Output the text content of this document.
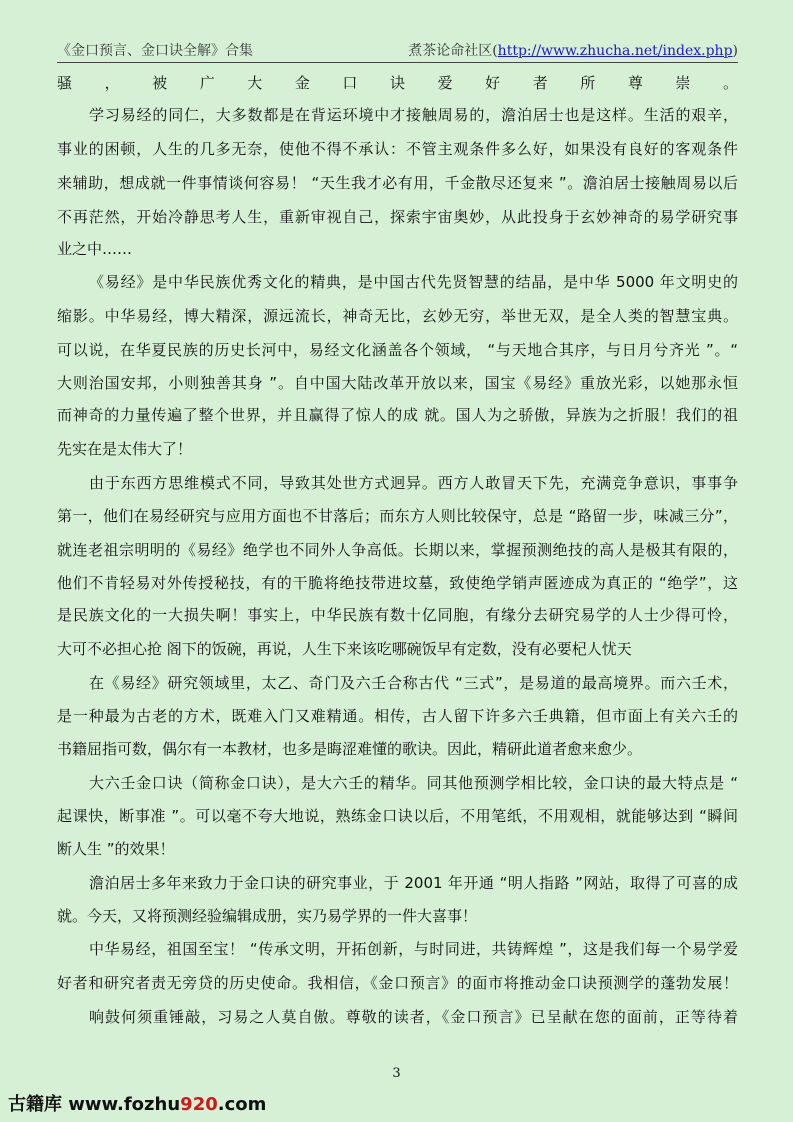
《金口预言、金口诀全解》合集	煮茶论命社区(http://www.zhucha.net/index.php)
骚，被广大金口诀爱好者所尊崇。
学习易经的同仁，大多数都是在背运环境中才接触周易的，澹泊居士也是这样。生活的艰辛，
事业的困顿，人生的几多无奈，使他不得不承认：不管主观条件多么好，如果没有良好的客观条件
来辅助，想成就一件事情谈何容易！ “天生我才必有用，千金散尽还复来 ”。澹泊居士接触周易以后
不再茫然，开始冷静思考人生，重新审视自己，探索宇宙奥妙，从此投身于玄妙神奇的易学研究事
业之中……
《易经》是中华民族优秀文化的精典，是中国古代先贤智慧的结晶，是中华 5000 年文明史的
缩影。中华易经，博大精深，源远流长，神奇无比，玄妙无穷，举世无双，是全人类的智慧宝典。
可以说，在华夏民族的历史长河中，易经文化涵盖各个领域， “与天地合其序，与日月兮齐光 ”。“
大则治国安邦，小则独善其身 ”。自中国大陆改革开放以来，国宝《易经》重放光彩，以她那永恒
而神奇的力量传遍了整个世界，并且赢得了惊人的成 就。国人为之骄傲，异族为之折服！我们的祖
先实在是太伟大了！
由于东西方思维模式不同，导致其处世方式迥异。西方人敢冒天下先，充满竞争意识，事事争
第一，他们在易经研究与应用方面也不甘落后；而东方人则比较保守，总是 “路留一步，味减三分”，
就连老祖宗明明的《易经》绝学也不同外人争高低。长期以来，掌握预测绝技的高人是极其有限的，
他们不肯轻易对外传授秘技，有的干脆将绝技带进坟墓，致使绝学销声匿迹成为真正的 “绝学”，这
是民族文化的一大损失啊！事实上，中华民族有数十亿同胞，有缘分去研究易学的人士少得可怜，
大可不必担心抢 阁下的饭碗，再说，人生下来该吃哪碗饭早有定数，没有必要杞人忧天
在《易经》研究领域里，太乙、奇门及六壬合称古代 “三式”，是易道的最高境界。而六壬术，
是一种最为古老的方术，既难入门又难精通。相传，古人留下许多六壬典籍，但市面上有关六壬的
书籍屈指可数，偶尔有一本教材，也多是晦涩难懂的歌诀。因此，精研此道者愈来愈少。
大六壬金口诀（简称金口诀），是大六壬的精华。同其他预测学相比较，金口诀的最大特点是 “
起课快，断事准 ”。可以毫不夸大地说，熟练金口诀以后，不用笔纸，不用观相，就能够达到 “瞬间
断人生 ”的效果！
澹泊居士多年来致力于金口诀的研究事业，于 2001 年开通 “明人指路 ”网站，取得了可喜的成
就。今天，又将预测经验编辑成册，实乃易学界的一件大喜事！
中华易经，祖国至宝！ “传承文明，开拓创新，与时同进，共铸辉煌 ”，这是我们每一个易学爱
好者和研究者责无旁贷的历史使命。我相信，《金口预言》的面市将推动金口诀预测学的蓬勃发展！
响鼓何须重锤敲，习易之人莫自傲。尊敬的读者，《金口预言》已呈献在您的面前，正等待着
3
古籍库 www.fozhu920.com
